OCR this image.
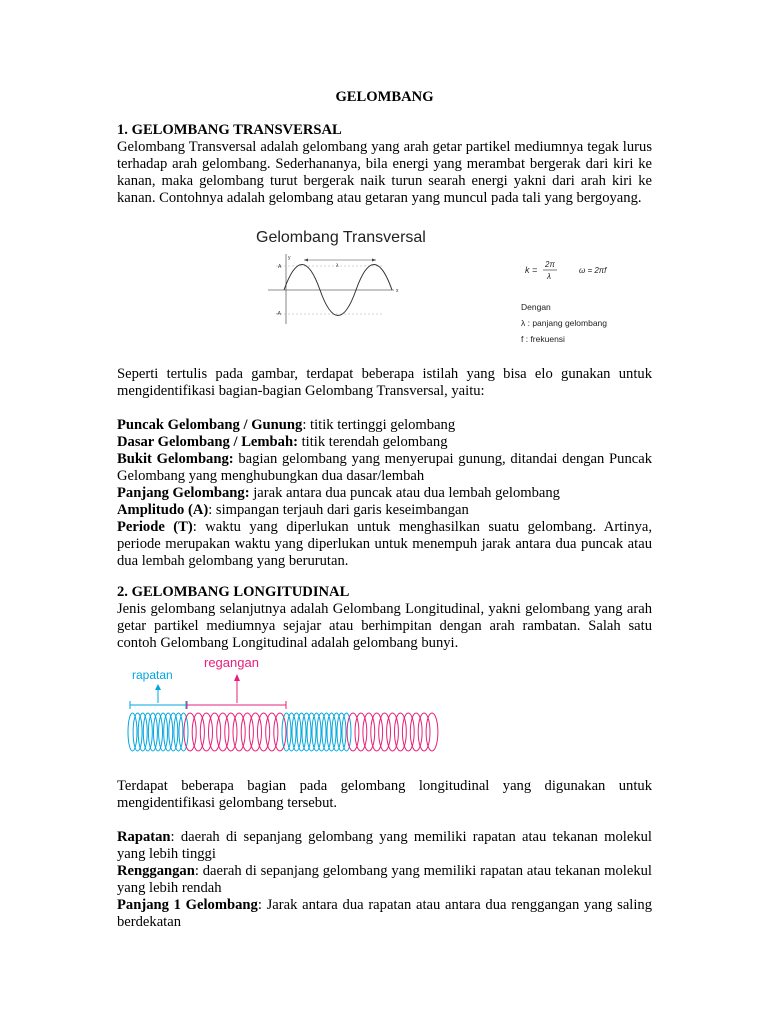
GELOMBANG

1. GELOMBANG TRANSVERSAL

Gelombang Transversal adalah gelombang yang arah getar partikel mediumnya tegak lurus terhadap arah gelombang. Sederhananya, bila energi yang merambat bergerak dari kiri ke kanan, maka gelombang turut bergerak naik turun searah energi yakni dari arah kiri ke kanan. Contohnya adalah gelombang atau getaran yang muncul pada tali yang bergoyang.

Gelombang Transversal
y
x
A
-A
λ	k =
2π
λ
ω = 2πf
Dengan
λ : panjang gelombang
f : frekuensi
Seperti tertulis pada gambar, terdapat beberapa istilah yang bisa elo gunakan untuk mengidentifikasi bagian-bagian Gelombang Transversal, yaitu:

Puncak Gelombang / Gunung: titik tertinggi gelombang

Dasar Gelombang / Lembah: titik terendah gelombang

Bukit Gelombang: bagian gelombang yang menyerupai gunung, ditandai dengan Puncak Gelombang yang menghubungkan dua dasar/lembah

Panjang Gelombang: jarak antara dua puncak atau dua lembah gelombang

Amplitudo (A): simpangan terjauh dari garis keseimbangan

Periode (T): waktu yang diperlukan untuk menghasilkan suatu gelombang. Artinya, periode merupakan waktu yang diperlukan untuk menempuh jarak antara dua puncak atau dua lembah gelombang yang berurutan.

2. GELOMBANG LONGITUDINAL

Jenis gelombang selanjutnya adalah Gelombang Longitudinal, yakni gelombang yang arah getar partikel mediumnya sejajar atau berhimpitan dengan arah rambatan. Salah satu contoh Gelombang Longitudinal adalah gelombang bunyi.

rapatan
regangan
Terdapat beberapa bagian pada gelombang longitudinal yang digunakan untuk mengidentifikasi gelombang tersebut.

Rapatan: daerah di sepanjang gelombang yang memiliki rapatan atau tekanan molekul yang lebih tinggi

Renggangan: daerah di sepanjang gelombang yang memiliki rapatan atau tekanan molekul yang lebih rendah

Panjang 1 Gelombang: Jarak antara dua rapatan atau antara dua renggangan yang saling berdekatan
